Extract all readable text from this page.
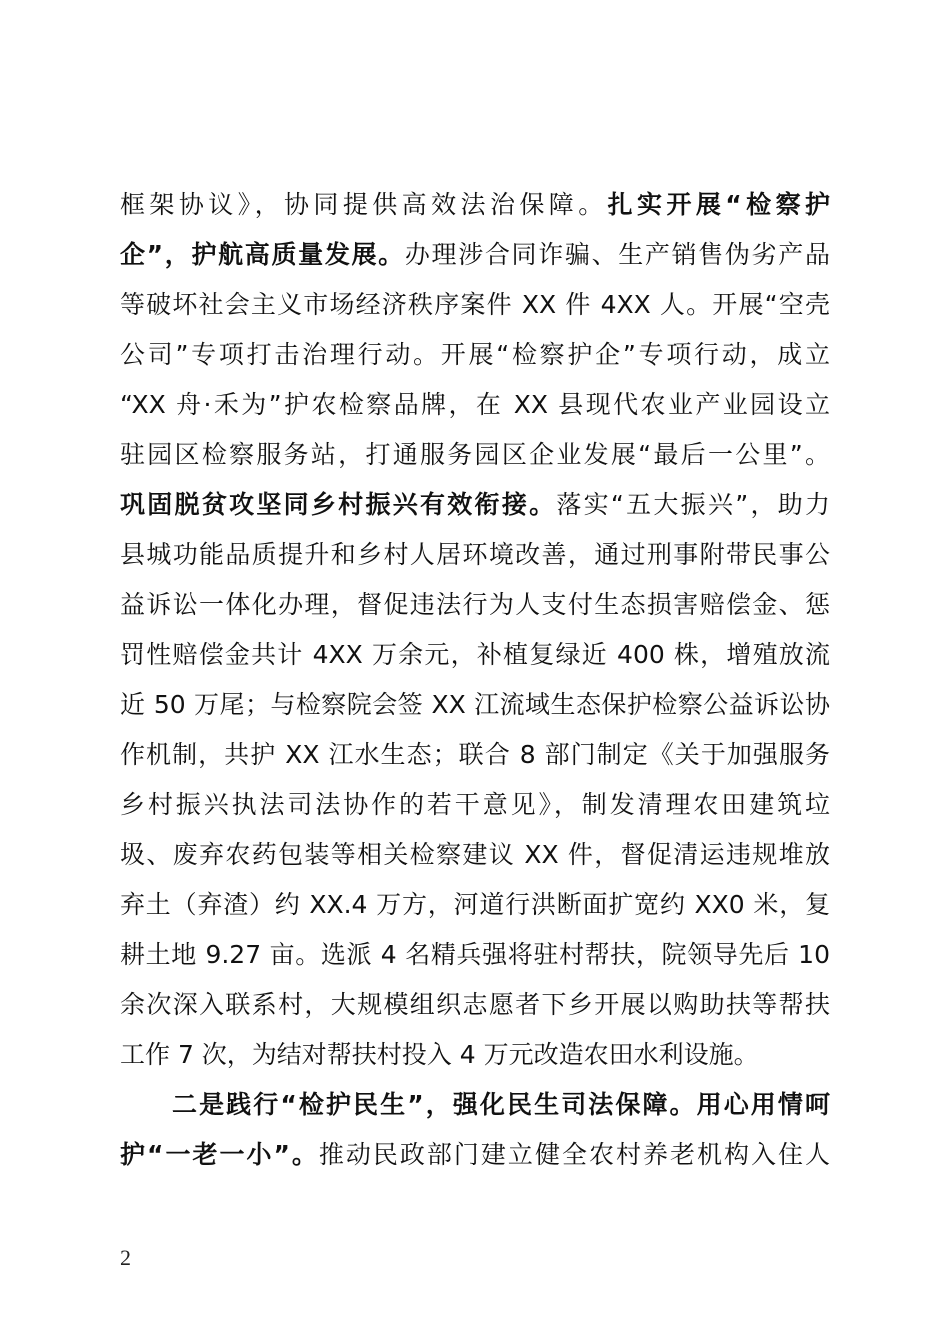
框架协议》，协同提供高效法治保障。扎实开展“检察护
企”，护航高质量发展。办理涉合同诈骗、生产销售伪劣产品
等破坏社会主义市场经济秩序案件 XX 件 4XX 人。开展“空壳
公司”专项打击治理行动。开展“检察护企”专项行动，成立
“XX 舟·禾为”护农检察品牌，在 XX 县现代农业产业园设立
驻园区检察服务站，打通服务园区企业发展“最后一公里”。
巩固脱贫攻坚同乡村振兴有效衔接。落实“五大振兴”，助力
县城功能品质提升和乡村人居环境改善，通过刑事附带民事公
益诉讼一体化办理，督促违法行为人支付生态损害赔偿金、惩
罚性赔偿金共计 4XX 万余元，补植复绿近 400 株，增殖放流
近 50 万尾；与检察院会签 XX 江流域生态保护检察公益诉讼协
作机制，共护 XX 江水生态；联合 8 部门制定《关于加强服务
乡村振兴执法司法协作的若干意见》，制发清理农田建筑垃
圾、废弃农药包装等相关检察建议 XX 件，督促清运违规堆放
弃土（弃渣）约 XX.4 万方，河道行洪断面扩宽约 XX0 米，复
耕土地 9.27 亩。选派 4 名精兵强将驻村帮扶，院领导先后 10
余次深入联系村，大规模组织志愿者下乡开展以购助扶等帮扶
工作 7 次，为结对帮扶村投入 4 万元改造农田水利设施。
二是践行“检护民生”，强化民生司法保障。用心用情呵
护“一老一小”。推动民政部门建立健全农村养老机构入住人
2
